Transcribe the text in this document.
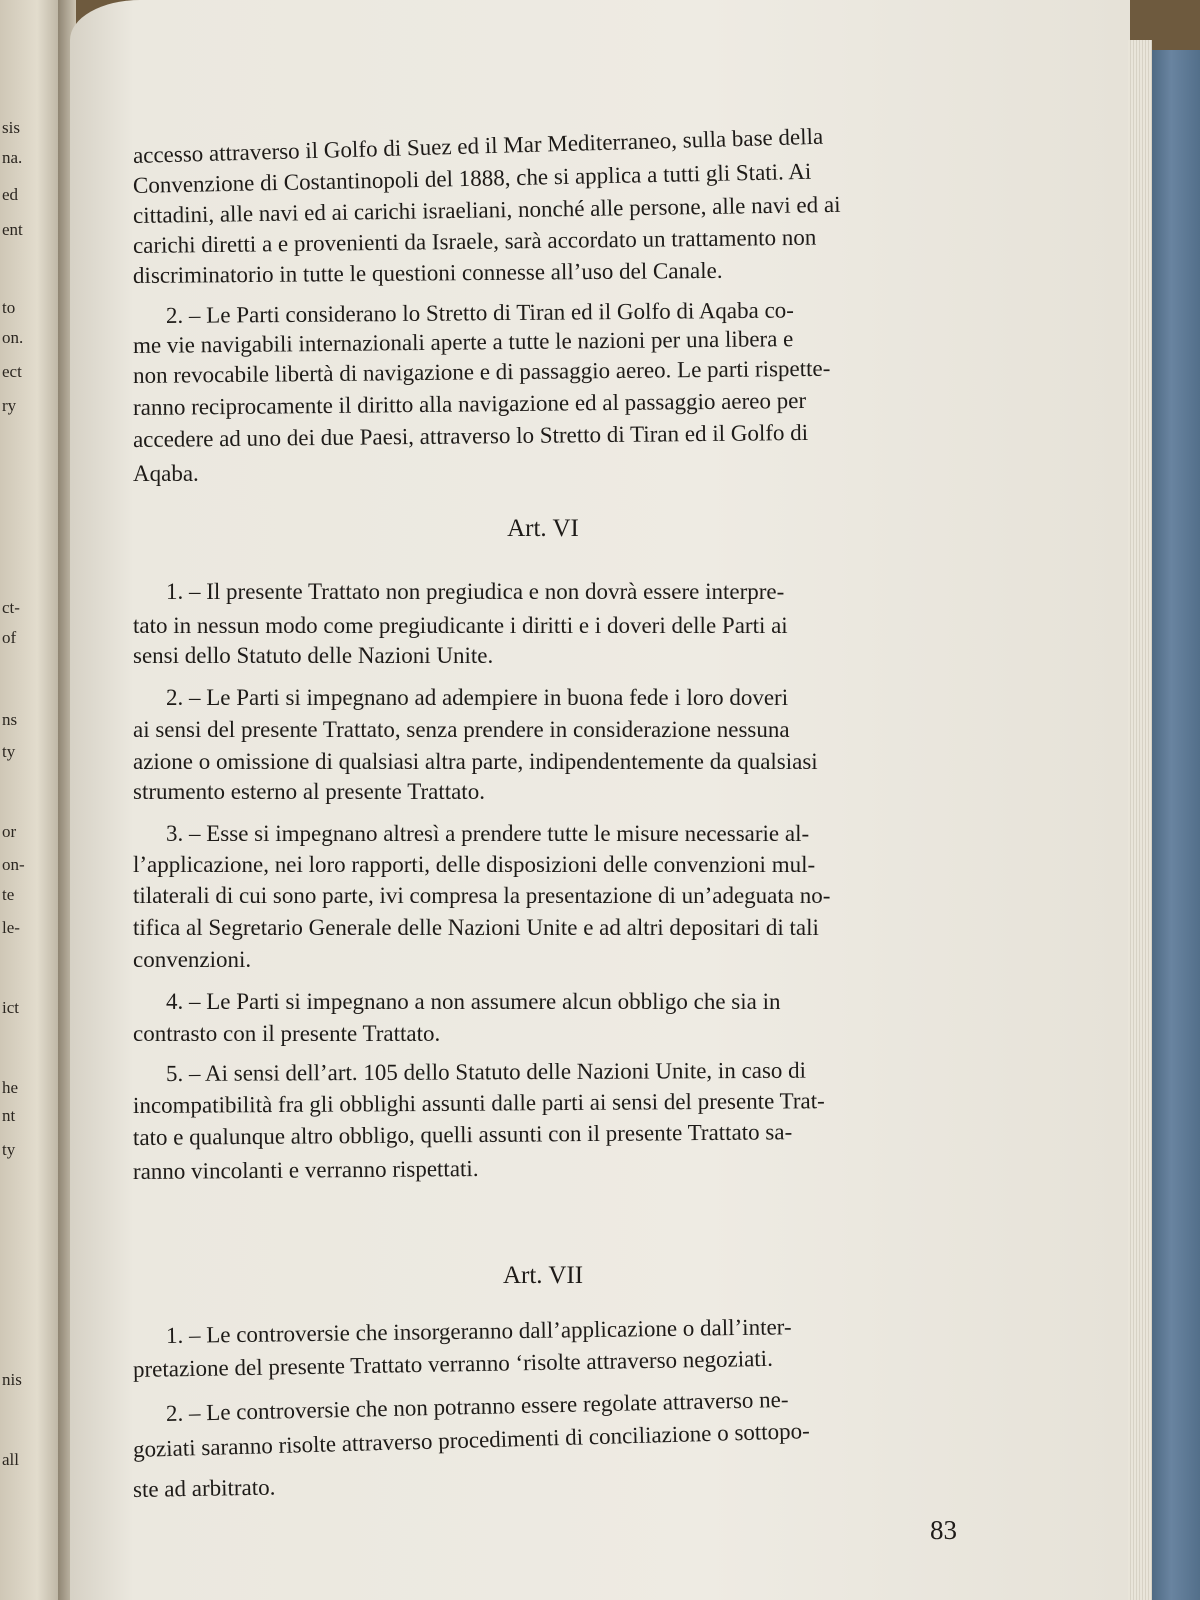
sis
na.
ed
ent
to
on.
ect
ry
ct-
of
ns
ty
or
on-
te
le-
ict
he
nt
ty
nis
all
accesso attraverso il Golfo di Suez ed il Mar Mediterraneo, sulla base della
Convenzione di Costantinopoli del 1888, che si applica a tutti gli Stati. Ai
cittadini, alle navi ed ai carichi israeliani, nonché alle persone, alle navi ed ai
carichi diretti a e provenienti da Israele, sarà accordato un trattamento non
discriminatorio in tutte le questioni connesse all’uso del Canale.
2. – Le Parti considerano lo Stretto di Tiran ed il Golfo di Aqaba co-
me vie navigabili internazionali aperte a tutte le nazioni per una libera e
non revocabile libertà di navigazione e di passaggio aereo. Le parti rispette-
ranno reciprocamente il diritto alla navigazione ed al passaggio aereo per
accedere ad uno dei due Paesi, attraverso lo Stretto di Tiran ed il Golfo di
Aqaba.
Art. VI
1. – Il presente Trattato non pregiudica e non dovrà essere interpre-
tato in nessun modo come pregiudicante i diritti e i doveri delle Parti ai
sensi dello Statuto delle Nazioni Unite.
2. – Le Parti si impegnano ad adempiere in buona fede i loro doveri
ai sensi del presente Trattato, senza prendere in considerazione nessuna
azione o omissione di qualsiasi altra parte, indipendentemente da qualsiasi
strumento esterno al presente Trattato.
3. – Esse si impegnano altresì a prendere tutte le misure necessarie al-
l’applicazione, nei loro rapporti, delle disposizioni delle convenzioni mul-
tilaterali di cui sono parte, ivi compresa la presentazione di un’adeguata no-
tifica al Segretario Generale delle Nazioni Unite e ad altri depositari di tali
convenzioni.
4. – Le Parti si impegnano a non assumere alcun obbligo che sia in
contrasto con il presente Trattato.
5. – Ai sensi dell’art. 105 dello Statuto delle Nazioni Unite, in caso di
incompatibilità fra gli obblighi assunti dalle parti ai sensi del presente Trat-
tato e qualunque altro obbligo, quelli assunti con il presente Trattato sa-
ranno vincolanti e verranno rispettati.
Art. VII
1. – Le controversie che insorgeranno dall’applicazione o dall’inter-
pretazione del presente Trattato verranno ‘risolte attraverso negoziati.
2. – Le controversie che non potranno essere regolate attraverso ne-
goziati saranno risolte attraverso procedimenti di conciliazione o sottopo-
ste ad arbitrato.
83
